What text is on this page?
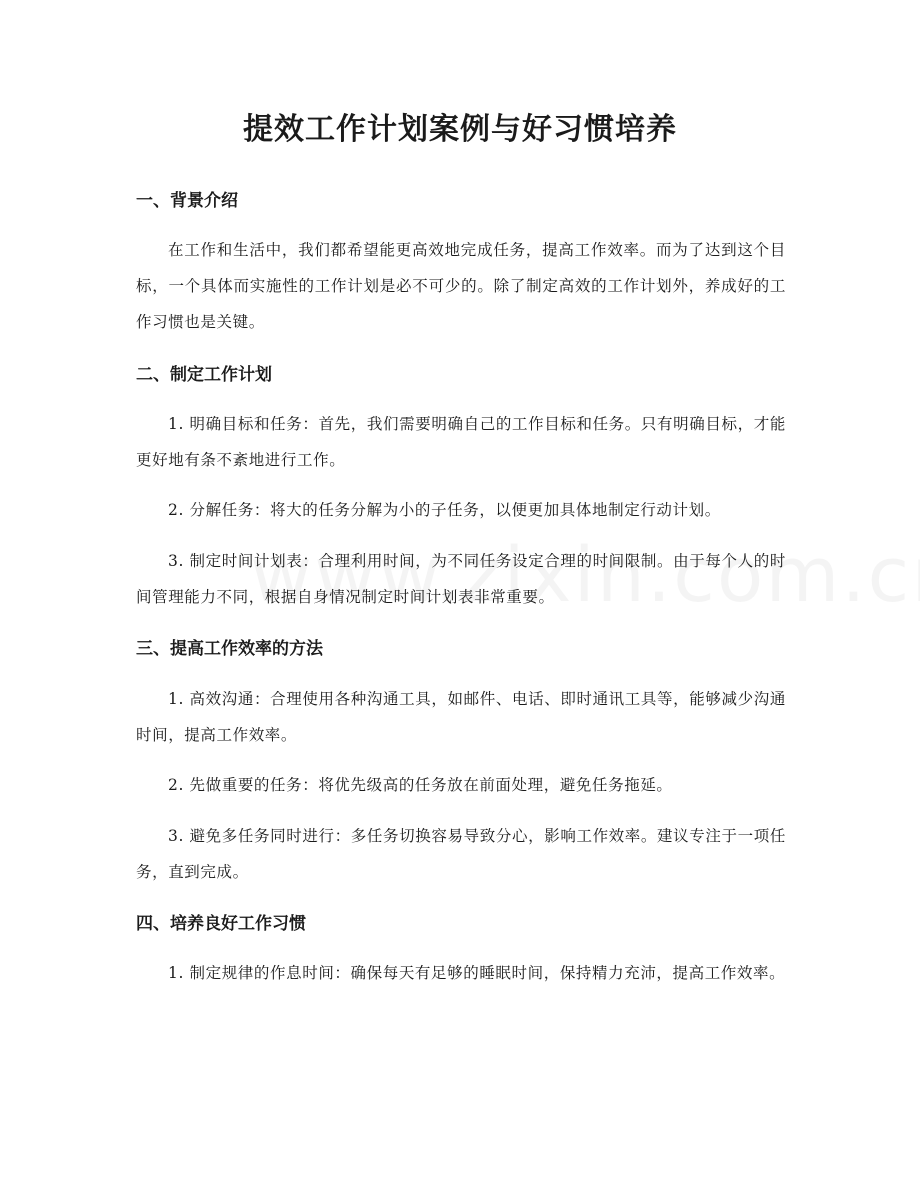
提效工作计划案例与好习惯培养
一、背景介绍

在工作和生活中，我们都希望能更高效地完成任务，提高工作效率。而为了达到这个目标，一个具体而实施性的工作计划是必不可少的。除了制定高效的工作计划外，养成好的工作习惯也是关键。

二、制定工作计划

1. 明确目标和任务：首先，我们需要明确自己的工作目标和任务。只有明确目标，才能更好地有条不紊地进行工作。

2. 分解任务：将大的任务分解为小的子任务，以便更加具体地制定行动计划。

3. 制定时间计划表：合理利用时间，为不同任务设定合理的时间限制。由于每个人的时间管理能力不同，根据自身情况制定时间计划表非常重要。

三、提高工作效率的方法

1. 高效沟通：合理使用各种沟通工具，如邮件、电话、即时通讯工具等，能够减少沟通时间，提高工作效率。

2. 先做重要的任务：将优先级高的任务放在前面处理，避免任务拖延。

3. 避免多任务同时进行：多任务切换容易导致分心，影响工作效率。建议专注于一项任务，直到完成。

四、培养良好工作习惯

1. 制定规律的作息时间：确保每天有足够的睡眠时间，保持精力充沛，提高工作效率。
